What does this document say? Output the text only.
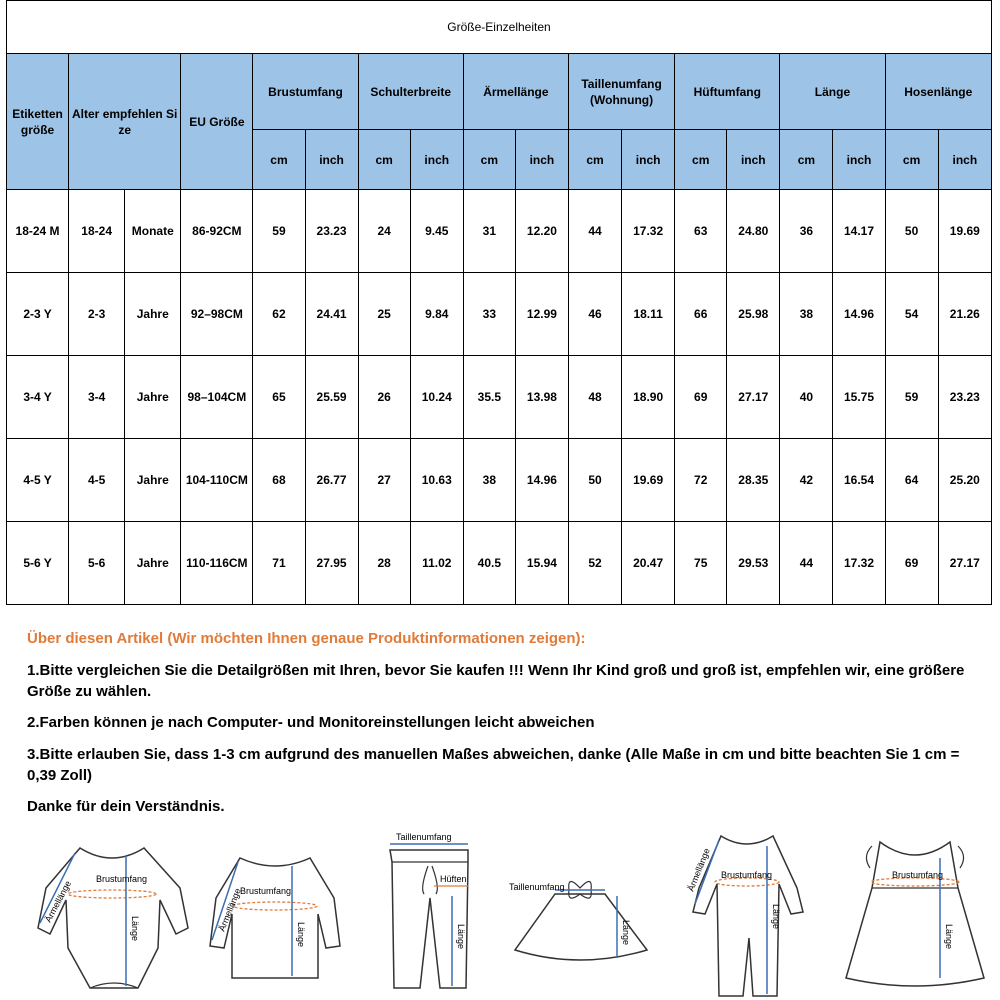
Größe-Einzelheiten																	
Etiketten größe	Alter empfehlen Si ze		EU Größe	Brustumfang		Schulterbreite		Ärmellänge		Taillenumfang (Wohnung)		Hüftumfang		Länge		Hosenlänge	
				cm	inch	cm	inch	cm	inch	cm	inch	cm	inch	cm	inch	cm	inch
18-24 M	18-24	Monate	86-92CM	59	23.23	24	9.45	31	12.20	44	17.32	63	24.80	36	14.17	50	19.69
2-3 Y	2-3	Jahre	92–98CM	62	24.41	25	9.84	33	12.99	46	18.11	66	25.98	38	14.96	54	21.26
3-4 Y	3-4	Jahre	98–104CM	65	25.59	26	10.24	35.5	13.98	48	18.90	69	27.17	40	15.75	59	23.23
4-5 Y	4-5	Jahre	104-110CM	68	26.77	27	10.63	38	14.96	50	19.69	72	28.35	42	16.54	64	25.20
5-6 Y	5-6	Jahre	110-116CM	71	27.95	28	11.02	40.5	15.94	52	20.47	75	29.53	44	17.32	69	27.17

Über diesen Artikel (Wir möchten Ihnen genaue Produktinformationen zeigen):

1.Bitte vergleichen Sie die Detailgrößen mit Ihren, bevor Sie kaufen !!! Wenn Ihr Kind groß und groß ist, empfehlen wir, eine größere Größe zu wählen.

2.Farben können je nach Computer- und Monitoreinstellungen leicht abweichen

3.Bitte erlauben Sie, dass 1-3 cm aufgrund des manuellen Maßes abweichen, danke (Alle Maße in cm und bitte beachten Sie 1 cm = 0,39 Zoll)

Danke für dein Verständnis.

Brustumfang
Ärmellänge
Länge
Brustumfang
Ärmellänge
Länge
Taillenumfang
Hüften
Länge
Taillenumfang
Länge
Brustumfang
Ärmellänge
Länge
Brustumfang
Länge
